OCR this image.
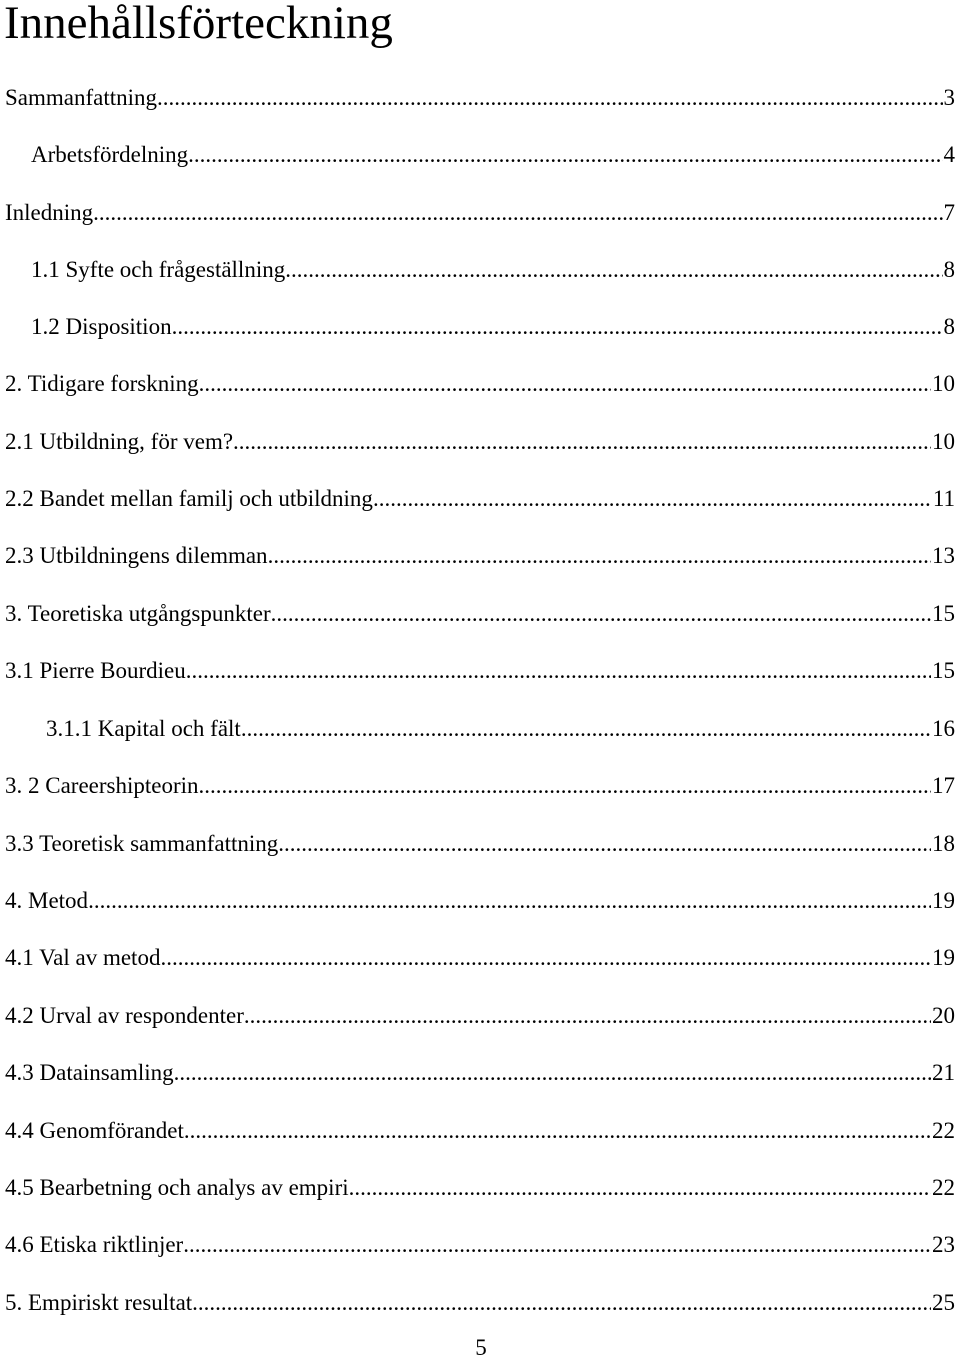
Innehållsförteckning
Sammanfattning .....	3
Arbetsfördelning .....	4
Inledning .....	7
1.1 Syfte och frågeställning .....	8
1.2 Disposition .....	8
2. Tidigare forskning .....	10
2.1 Utbildning, för vem? .....	10
2.2 Bandet mellan familj och utbildning .....	11
2.3 Utbildningens dilemman .....	13
3. Teoretiska utgångspunkter .....	15
3.1 Pierre Bourdieu .....	15
3.1.1 Kapital och fält .....	16
3. 2 Careershipteorin .....	17
3.3 Teoretisk sammanfattning .....	18
4. Metod .....	19
4.1 Val av metod .....	19
4.2 Urval av respondenter .....	20
4.3 Datainsamling .....	21
4.4 Genomförandet .....	22
4.5 Bearbetning och analys av empiri .....	22
4.6 Etiska riktlinjer .....	23
5. Empiriskt resultat .....	25
5
